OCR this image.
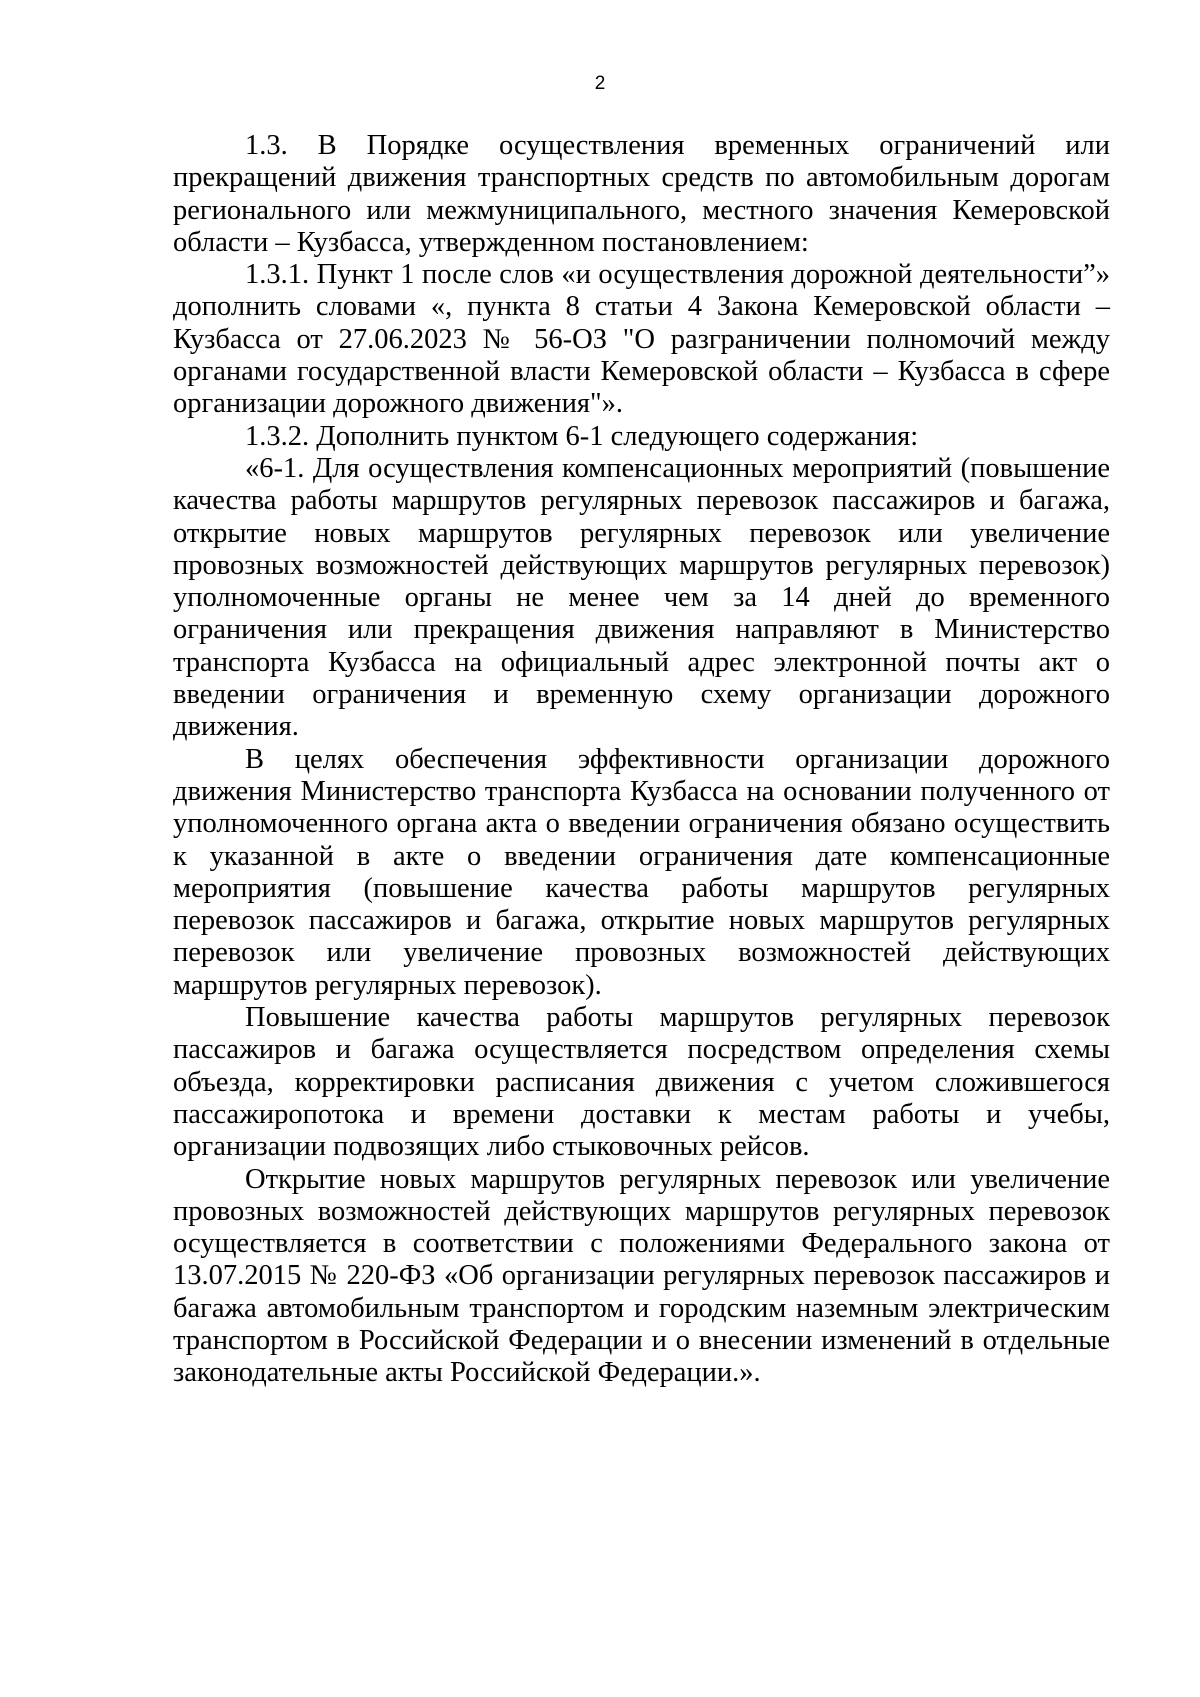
2

1.3. В Порядке осуществления временных ограничений или прекращений движения транспортных средств по автомобильным дорогам регионального или межмуниципального, местного значения Кемеровской области – Кузбасса, утвержденном постановлением:

1.3.1. Пункт 1 после слов «и осуществления дорожной деятельности”» дополнить словами «, пункта 8 статьи 4 Закона Кемеровской области – Кузбасса от 27.06.2023 № 56-ОЗ "О разграничении полномочий между органами государственной власти Кемеровской области – Кузбасса в сфере организации дорожного движения"».

1.3.2. Дополнить пунктом 6-1 следующего содержания:

«6-1. Для осуществления компенсационных мероприятий (повышение качества работы маршрутов регулярных перевозок пассажиров и багажа, открытие новых маршрутов регулярных перевозок или увеличение провозных возможностей действующих маршрутов регулярных перевозок) уполномоченные органы не менее чем за 14 дней до временного ограничения или прекращения движения направляют в Министерство транспорта Кузбасса на официальный адрес электронной почты акт о введении ограничения и временную схему организации дорожного движения.

В целях обеспечения эффективности организации дорожного движения Министерство транспорта Кузбасса на основании полученного от уполномоченного органа акта о введении ограничения обязано осуществить к указанной в акте о введении ограничения дате компенсационные мероприятия (повышение качества работы маршрутов регулярных перевозок пассажиров и багажа, открытие новых маршрутов регулярных перевозок или увеличение провозных возможностей действующих маршрутов регулярных перевозок).

Повышение качества работы маршрутов регулярных перевозок пассажиров и багажа осуществляется посредством определения схемы объезда, корректировки расписания движения с учетом сложившегося пассажиропотока и времени доставки к местам работы и учебы, организации подвозящих либо стыковочных рейсов.

Открытие новых маршрутов регулярных перевозок или увеличение провозных возможностей действующих маршрутов регулярных перевозок осуществляется в соответствии с положениями Федерального закона от 13.07.2015 № 220-ФЗ «Об организации регулярных перевозок пассажиров и багажа автомобильным транспортом и городским наземным электрическим транспортом в Российской Федерации и о внесении изменений в отдельные законодательные акты Российской Федерации.».
